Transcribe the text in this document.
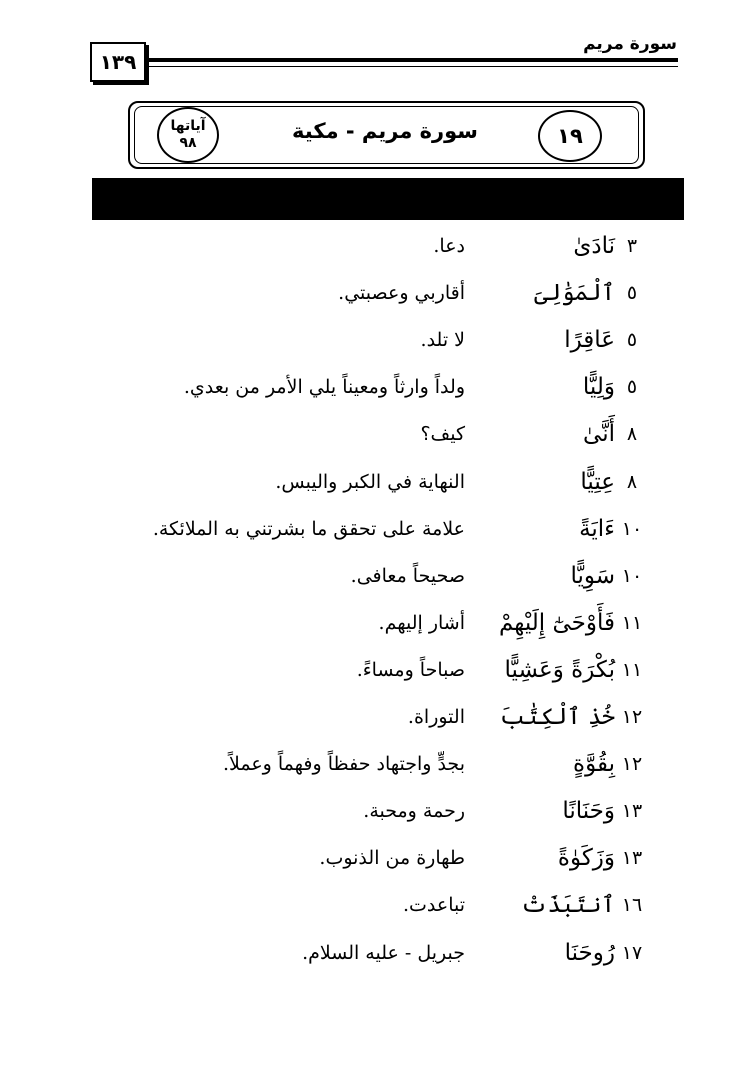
سورة مريم
١٣٩
آياتها
٩٨	سورة مريم - مكية	١٩
٣
نَادَىٰ
دعا.
٥
ٱلْمَوَٰلِىَ
أقاربي وعصبتي.
٥
عَاقِرًا
لا تلد.
٥
وَلِيًّا
ولداً وارثاً ومعيناً يلي الأمر من بعدي.
٨
أَنَّىٰ
كيف؟
٨
عِتِيًّا
النهاية في الكبر واليبس.
١٠
ءَايَةً
علامة على تحقق ما بشرتني به الملائكة.
١٠
سَوِيًّا
صحيحاً معافى.
١١
فَأَوْحَىٰٓ إِلَيْهِمْ
أشار إليهم.
١١
بُكْرَةً وَعَشِيًّا
صباحاً ومساءً.
١٢
خُذِ ٱلْكِتَٰبَ
التوراة.
١٢
بِقُوَّةٍ
بجدٍّ واجتهاد حفظاً وفهماً وعملاً.
١٣
وَحَنَانًا
رحمة ومحبة.
١٣
وَزَكَوٰةً
طهارة من الذنوب.
١٦
ٱنتَبَذَتْ
تباعدت.
١٧
رُوحَنَا
جبريل - عليه السلام.
